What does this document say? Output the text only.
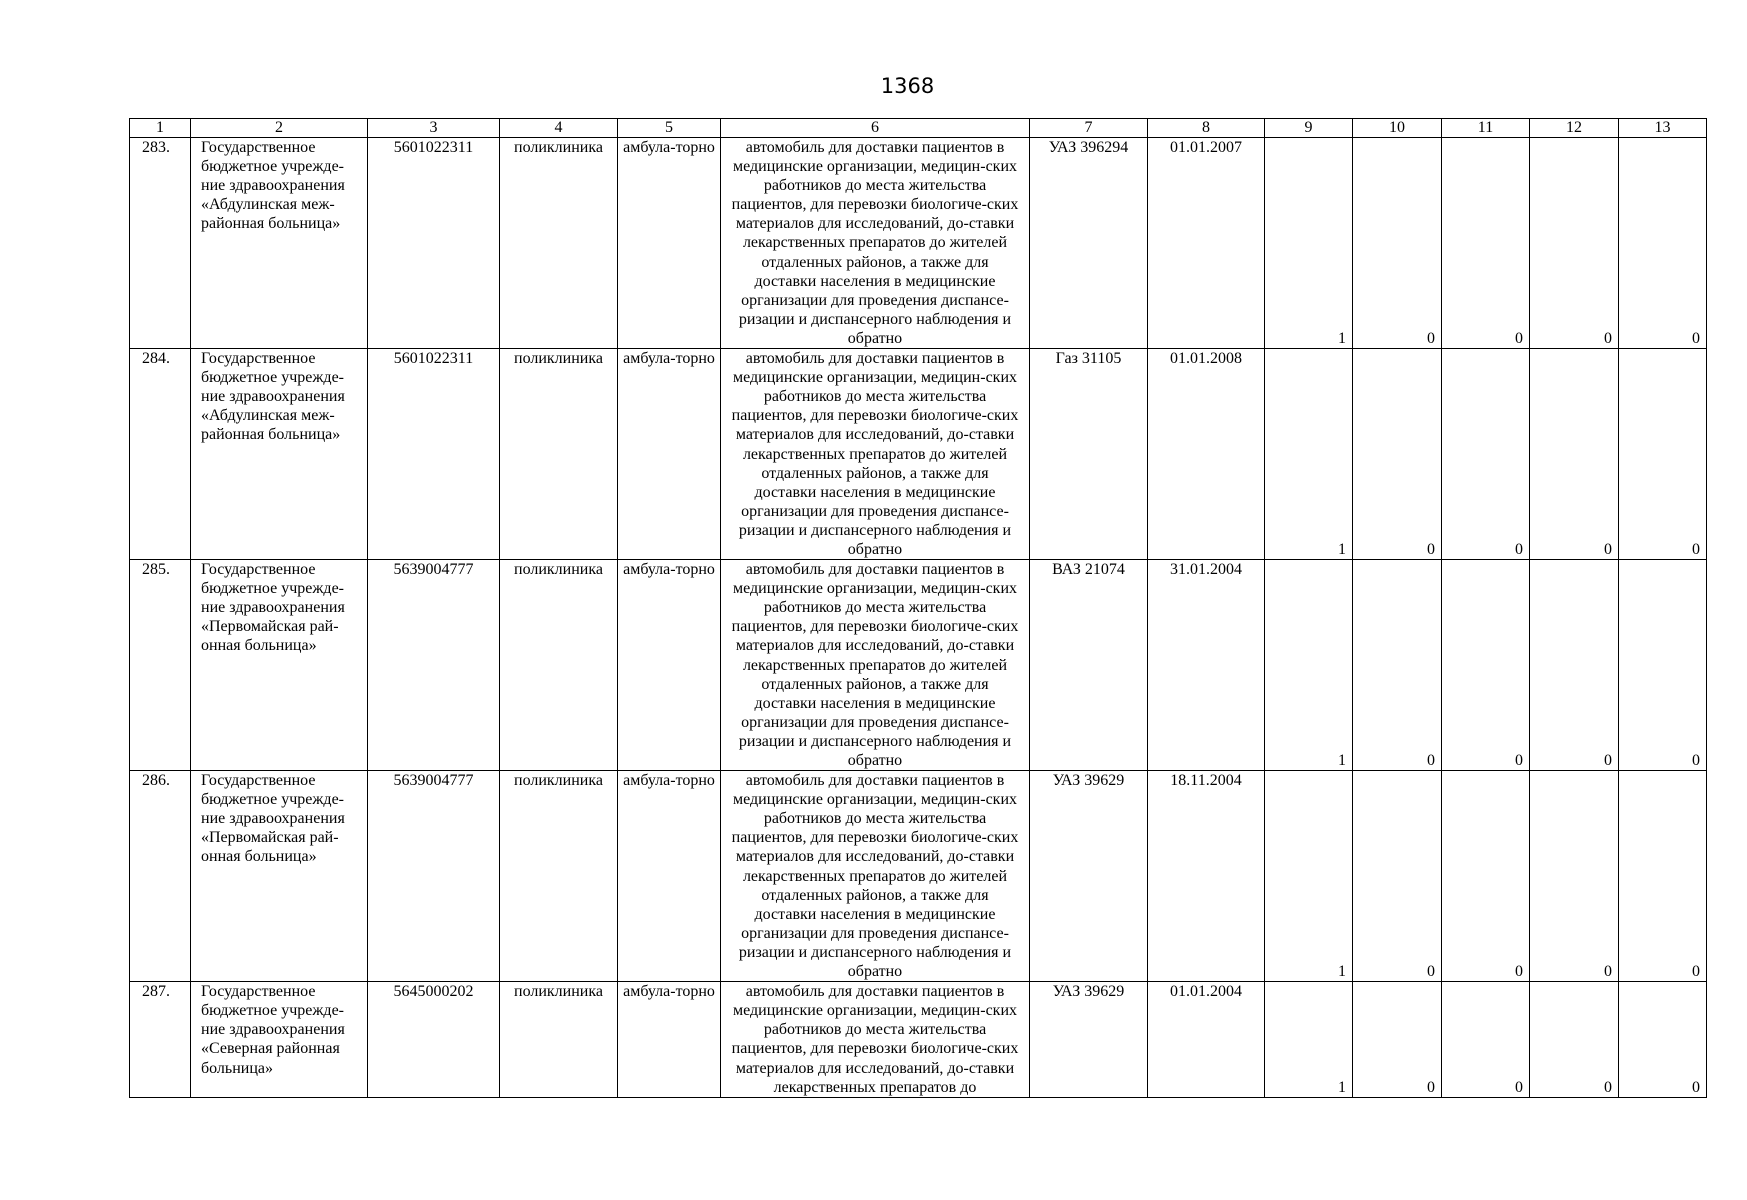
1368
1	2	3	4	5	6	7	8	9	10	11	12	13
283.	Государственное бюджетное учрежде-ние здравоохранения «Абдулинская меж-районная больница»	5601022311	поликлиника	амбула-торно	автомобиль для доставки пациентов в медицинские организации, медицин-ских работников до места жительства пациентов, для перевозки биологиче-ских материалов для исследований, до-ставки лекарственных препаратов до жителей отдаленных районов, а также для доставки населения в медицинские организации для проведения диспансе-ризации и диспансерного наблюдения и обратно	УАЗ 396294	01.01.2007	1	0	0	0	0
284.	Государственное бюджетное учрежде-ние здравоохранения «Абдулинская меж-районная больница»	5601022311	поликлиника	амбула-торно	автомобиль для доставки пациентов в медицинские организации, медицин-ских работников до места жительства пациентов, для перевозки биологиче-ских материалов для исследований, до-ставки лекарственных препаратов до жителей отдаленных районов, а также для доставки населения в медицинские организации для проведения диспансе-ризации и диспансерного наблюдения и обратно	Газ 31105	01.01.2008	1	0	0	0	0
285.	Государственное бюджетное учрежде-ние здравоохранения «Первомайская рай-онная больница»	5639004777	поликлиника	амбула-торно	автомобиль для доставки пациентов в медицинские организации, медицин-ских работников до места жительства пациентов, для перевозки биологиче-ских материалов для исследований, до-ставки лекарственных препаратов до жителей отдаленных районов, а также для доставки населения в медицинские организации для проведения диспансе-ризации и диспансерного наблюдения и обратно	ВАЗ 21074	31.01.2004	1	0	0	0	0
286.	Государственное бюджетное учрежде-ние здравоохранения «Первомайская рай-онная больница»	5639004777	поликлиника	амбула-торно	автомобиль для доставки пациентов в медицинские организации, медицин-ских работников до места жительства пациентов, для перевозки биологиче-ских материалов для исследований, до-ставки лекарственных препаратов до жителей отдаленных районов, а также для доставки населения в медицинские организации для проведения диспансе-ризации и диспансерного наблюдения и обратно	УАЗ 39629	18.11.2004	1	0	0	0	0
287.	Государственное бюджетное учрежде-ние здравоохранения «Северная районная больница»	5645000202	поликлиника	амбула-торно	автомобиль для доставки пациентов в медицинские организации, медицин-ских работников до места жительства пациентов, для перевозки биологиче-ских материалов для исследований, до-ставки лекарственных препаратов до	УАЗ 39629	01.01.2004	1	0	0	0	0
